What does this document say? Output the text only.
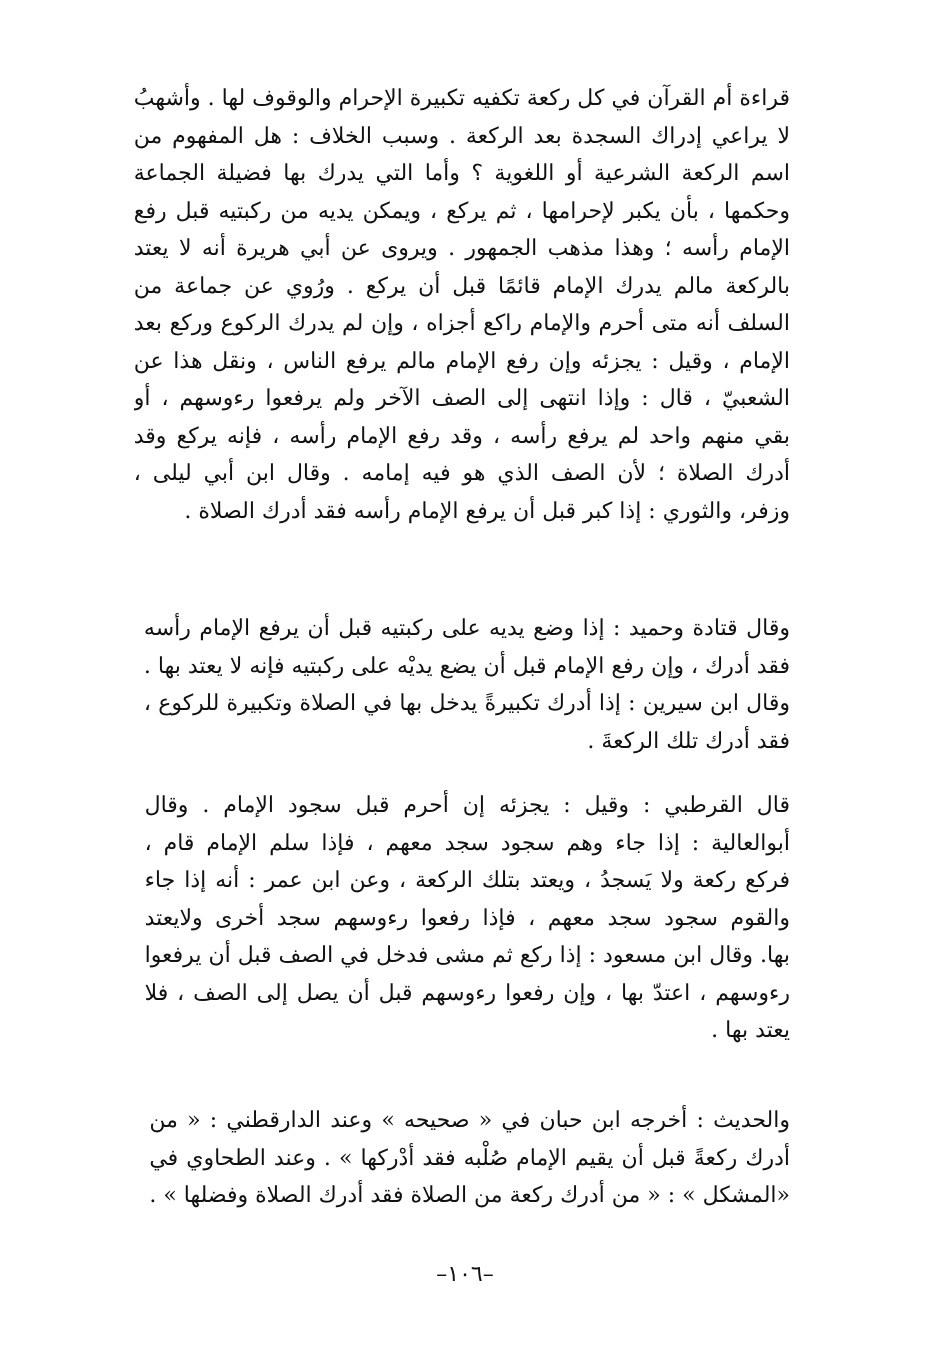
قراءة أم القرآن في كل ركعة تكفيه تكبيرة الإحرام والوقوف لها . وأشهبُ
لا يراعي إدراك السجدة بعد الركعة . وسبب الخلاف : هل المفهوم من
اسم الركعة الشرعية أو اللغوية ؟ وأما التي يدرك بها فضيلة الجماعة
وحكمها ، بأن يكبر لإحرامها ، ثم يركع ، ويمكن يديه من ركبتيه قبل رفع
الإمام رأسه ؛ وهذا مذهب الجمهور . ويروى عن أبي هريرة أنه لا يعتد
بالركعة مالم يدرك الإمام قائمًا قبل أن يركع . ورُوي عن جماعة من
السلف أنه متى أحرم والإمام راكع أجزاه ، وإن لم يدرك الركوع وركع بعد
الإمام ، وقيل : يجزئه وإن رفع الإمام مالم يرفع الناس ، ونقل هذا عن
الشعبيّ ، قال : وإذا انتهى إلى الصف الآخر ولم يرفعوا رءوسهم ، أو
بقي منهم واحد لم يرفع رأسه ، وقد رفع الإمام رأسه ، فإنه يركع وقد
أدرك الصلاة ؛ لأن الصف الذي هو فيه إمامه . وقال ابن أبي ليلى ،
وزفر، والثوري : إذا كبر قبل أن يرفع الإمام رأسه فقد أدرك الصلاة .
وقال قتادة وحميد : إذا وضع يديه على ركبتيه قبل أن يرفع الإمام رأسه
فقد أدرك ، وإن رفع الإمام قبل أن يضع يديْه على ركبتيه فإنه لا يعتد بها .
وقال ابن سيرين : إذا أدرك تكبيرةً يدخل بها في الصلاة وتكبيرة للركوع ،
فقد أدرك تلك الركعةَ .
قال القرطبي : وقيل : يجزئه إن أحرم قبل سجود الإمام . وقال
أبوالعالية : إذا جاء وهم سجود سجد معهم ، فإذا سلم الإمام قام ،
فركع ركعة ولا يَسجدُ ، ويعتد بتلك الركعة ، وعن ابن عمر : أنه إذا جاء
والقوم سجود سجد معهم ، فإذا رفعوا رءوسهم سجد أخرى ولايعتد
بها. وقال ابن مسعود : إذا ركع ثم مشى فدخل في الصف قبل أن يرفعوا
رءوسهم ، اعتدّ بها ، وإن رفعوا رءوسهم قبل أن يصل إلى الصف ، فلا
يعتد بها .
والحديث : أخرجه ابن حبان في « صحيحه » وعند الدارقطني : « من
أدرك ركعةً قبل أن يقيم الإمام صُلْبه فقد أدْركها » . وعند الطحاوي في
«المشكل » : « من أدرك ركعة من الصلاة فقد أدرك الصلاة وفضلها » .
–١٠٦–
